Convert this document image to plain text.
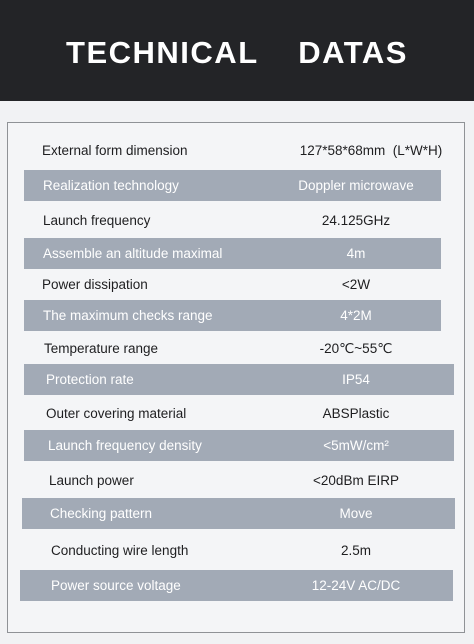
TECHNICAL  DATAS
External form dimension	127*58*68mm  (L*W*H)
Realization technology	Doppler microwave
Launch frequency	24.125GHz
Assemble an altitude maximal	4m
Power dissipation	<2W
The maximum checks range	4*2M
Temperature range	-20℃~55℃
Protection rate	IP54
Outer covering material	ABSPlastic
Launch frequency density	<5mW/cm²
Launch power	<20dBm EIRP
Checking pattern	Move
Conducting wire length	2.5m
Power source voltage	12-24V AC/DC
